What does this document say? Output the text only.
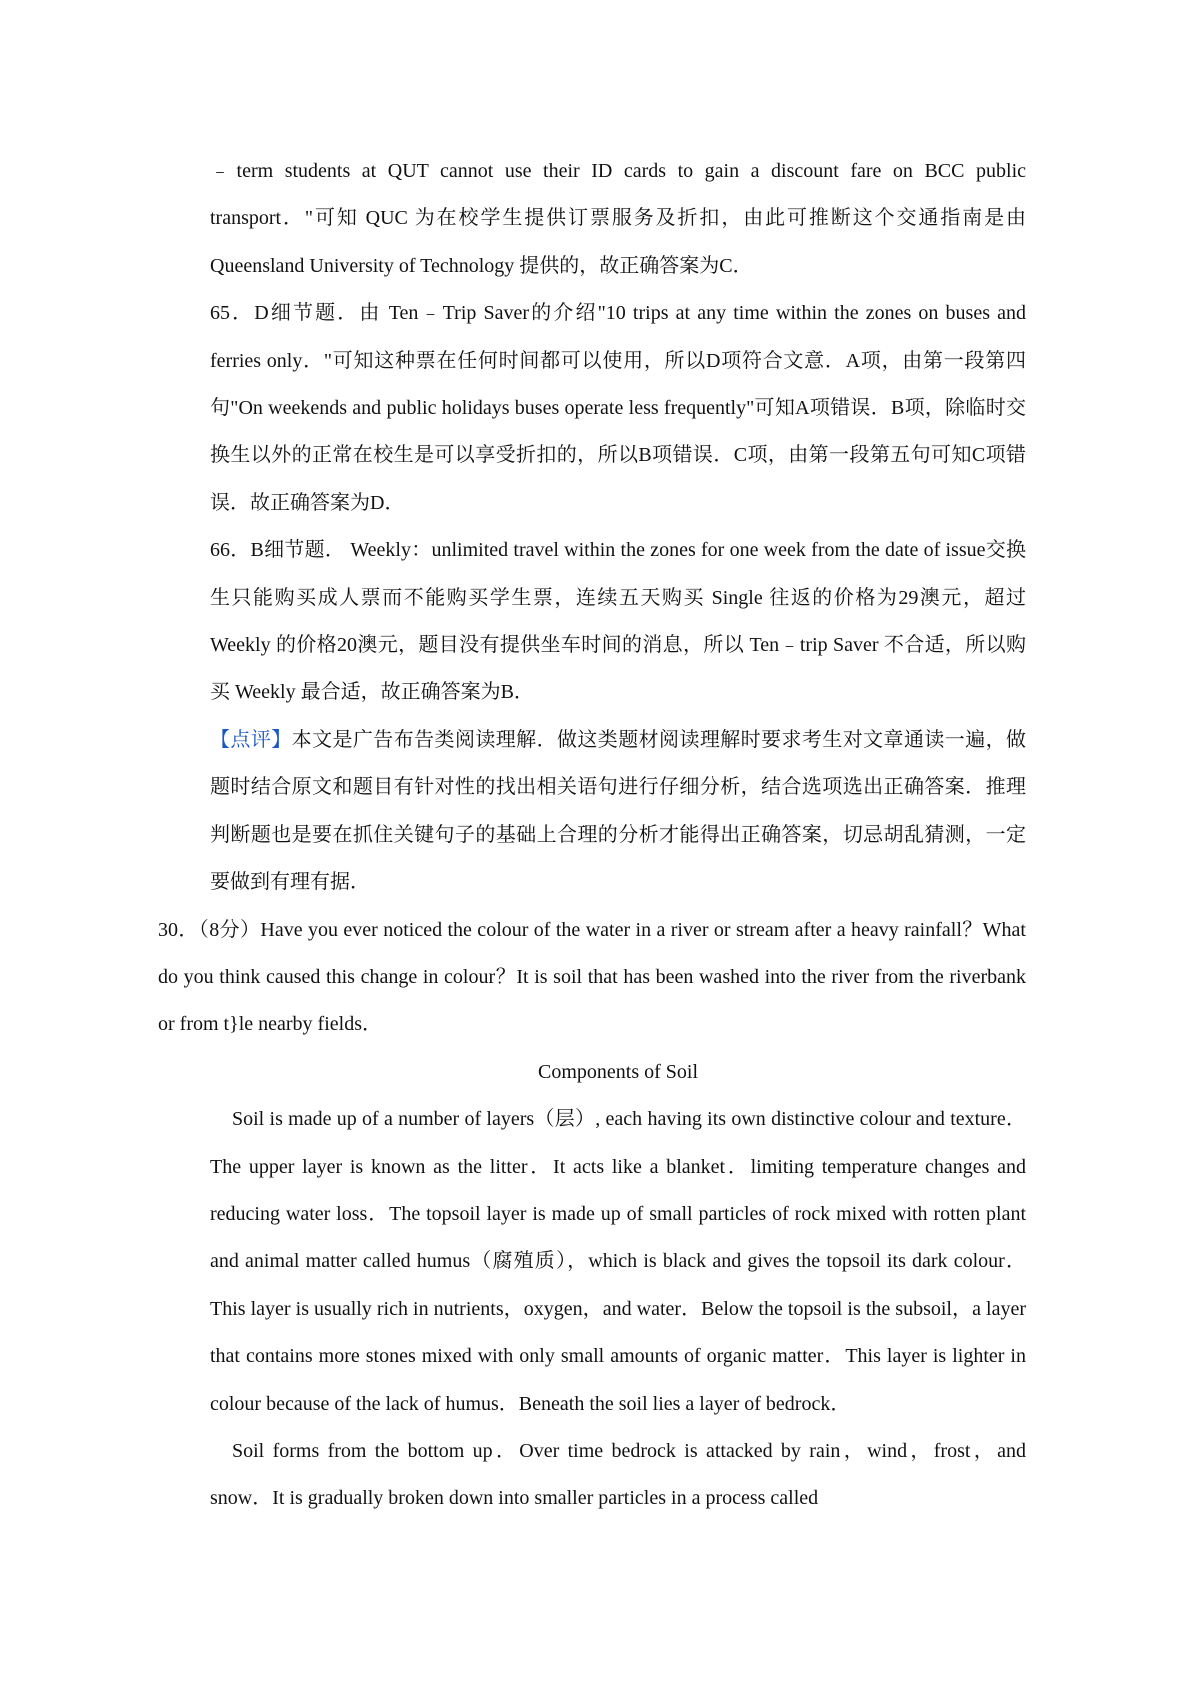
﹣term students at QUT cannot use their ID cards to gain a discount fare on BCC public transport．"可知 QUC 为在校学生提供订票服务及折扣，由此可推断这个交通指南是由 Queensland University of Technology 提供的，故正确答案为C．

65．D细节题．由 Ten﹣Trip Saver的介绍"10 trips at any time within the zones on buses and ferries only．"可知这种票在任何时间都可以使用，所以D项符合文意．A项，由第一段第四句"On weekends and public holidays buses operate less frequently"可知A项错误．B项，除临时交换生以外的正常在校生是可以享受折扣的，所以B项错误．C项，由第一段第五句可知C项错误．故正确答案为D．

66．B细节题． Weekly：unlimited travel within the zones for one week from the date of issue交换生只能购买成人票而不能购买学生票，连续五天购买 Single 往返的价格为29澳元，超过 Weekly 的价格20澳元，题目没有提供坐车时间的消息，所以 Ten﹣trip Saver 不合适，所以购买 Weekly 最合适，故正确答案为B．

【点评】本文是广告布告类阅读理解．做这类题材阅读理解时要求考生对文章通读一遍，做题时结合原文和题目有针对性的找出相关语句进行仔细分析，结合选项选出正确答案．推理判断题也是要在抓住关键句子的基础上合理的分析才能得出正确答案，切忌胡乱猜测，一定要做到有理有据．

30．（8分）Have you ever noticed the colour of the water in a river or stream after a heavy rainfall？What do you think caused this change in colour？It is soil that has been washed into the river from the riverbank or from t}le nearby fields．

Components of Soil

Soil is made up of a number of layers（层）, each having its own distinctive colour and texture．The upper layer is known as the litter．It acts like a blanket．limiting temperature changes and reducing water loss．The topsoil layer is made up of small particles of rock mixed with rotten plant and animal matter called humus（腐殖质），which is black and gives the topsoil its dark colour．This layer is usually rich in nutrients，oxygen，and water．Below the topsoil is the subsoil，a layer that contains more stones mixed with only small amounts of organic matter．This layer is lighter in colour because of the lack of humus．Beneath the soil lies a layer of bedrock．

Soil forms from the bottom up．Over time bedrock is attacked by rain，wind，frost，and snow．It is gradually broken down into smaller particles in a process called
